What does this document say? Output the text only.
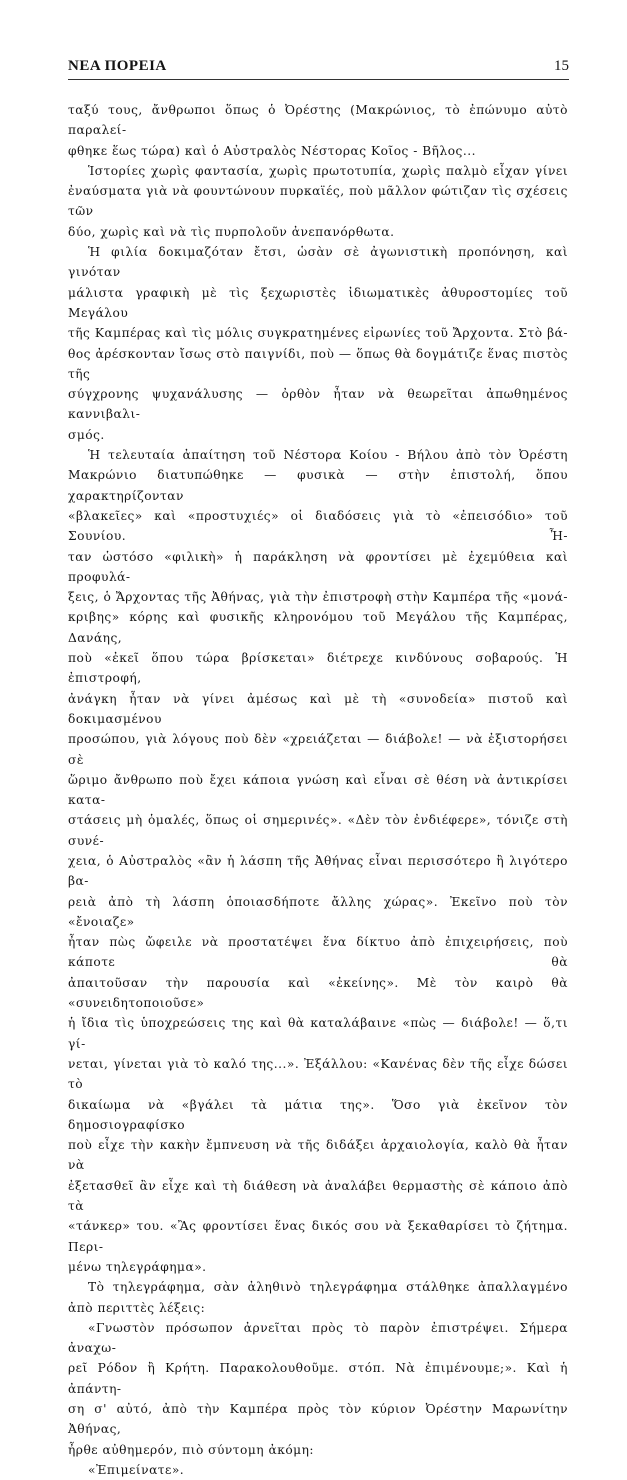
ΝΕΑ ΠΟΡΕΙΑ	15

ταξύ τους, ἄνθρωποι ὅπως ὁ Ὀρέστης (Μακρώνιος, τὸ ἐπώνυμο αὐτὸ παραλεί-

φθηκε ἕως τώρα) καὶ ὁ Αὐστραλὸς Νέστορας Κοῖος - Βῆλος...

Ἱστορίες χωρὶς φαντασία, χωρὶς πρωτοτυπία, χωρὶς παλμὸ εἶχαν γίνει

ἐναύσματα γιὰ νὰ φουντώνουν πυρκαϊές, ποὺ μᾶλλον φώτιζαν τὶς σχέσεις τῶν

δύο, χωρὶς καὶ νὰ τὶς πυρπολοῦν ἀνεπανόρθωτα.

Ἡ φιλία δοκιμαζόταν ἔτσι, ὡσὰν σὲ ἀγωνιστικὴ προπόνηση, καὶ γινόταν

μάλιστα γραφικὴ μὲ τὶς ξεχωριστὲς ἰδιωματικὲς ἀθυροστομίες τοῦ Μεγάλου

τῆς Καμπέρας καὶ τὶς μόλις συγκρατημένες εἰρωνίες τοῦ Ἄρχοντα. Στὸ βά-

θος ἀρέσκονταν ἴσως στὸ παιγνίδι, ποὺ — ὅπως θὰ δογμάτιζε ἕνας πιστὸς τῆς

σύγχρονης ψυχανάλυσης — ὀρθὸν ἦταν νὰ θεωρεῖται ἀπωθημένος καννιβαλι-

σμός.

Ἡ τελευταία ἀπαίτηση τοῦ Νέστορα Κοίου - Βήλου ἀπὸ τὸν Ὀρέστη

Μακρώνιο διατυπώθηκε — φυσικὰ — στὴν ἐπιστολή, ὅπου χαρακτηρίζονταν

«βλακεῖες» καὶ «προστυχιές» οἱ διαδόσεις γιὰ τὸ «ἐπεισόδιο» τοῦ Σουνίου. Ἦ-

ταν ὡστόσο «φιλικὴ» ἡ παράκληση νὰ φροντίσει μὲ ἐχεμύθεια καὶ προφυλά-

ξεις, ὁ Ἄρχοντας τῆς Ἀθήνας, γιὰ τὴν ἐπιστροφὴ στὴν Καμπέρα τῆς «μονά-

κριβης» κόρης καὶ φυσικῆς κληρονόμου τοῦ Μεγάλου τῆς Καμπέρας, Δανάης,

ποὺ «ἐκεῖ ὅπου τώρα βρίσκεται» διέτρεχε κινδύνους σοβαρούς. Ἡ ἐπιστροφή,

ἀνάγκη ἦταν νὰ γίνει ἀμέσως καὶ μὲ τὴ «συνοδεία» πιστοῦ καὶ δοκιμασμένου

προσώπου, γιὰ λόγους ποὺ δὲν «χρειάζεται — διάβολε! — νὰ ἐξιστορήσει σὲ

ὥριμο ἄνθρωπο ποὺ ἔχει κάποια γνώση καὶ εἶναι σὲ θέση νὰ ἀντικρίσει κατα-

στάσεις μὴ ὁμαλές, ὅπως οἱ σημερινές». «Δὲν τὸν ἐνδιέφερε», τόνιζε στὴ συνέ-

χεια, ὁ Αὐστραλὸς «ἂν ἡ λάσπη τῆς Ἀθήνας εἶναι περισσότερο ἢ λιγότερο βα-

ρειὰ ἀπὸ τὴ λάσπη ὁποιασδήποτε ἄλλης χώρας». Ἐκεῖνο ποὺ τὸν «ἔνοιαζε»

ἦταν πὼς ὤφειλε νὰ προστατέψει ἕνα δίκτυο ἀπὸ ἐπιχειρήσεις, ποὺ κάποτε θὰ

ἀπαιτοῦσαν τὴν παρουσία καὶ «ἐκείνης». Μὲ τὸν καιρὸ θὰ «συνειδητοποιοῦσε»

ἡ ἴδια τὶς ὑποχρεώσεις της καὶ θὰ καταλάβαινε «πὼς — διάβολε! — ὅ,τι γί-

νεται, γίνεται γιὰ τὸ καλό της...». Ἐξάλλου: «Κανένας δὲν τῆς εἶχε δώσει τὸ

δικαίωμα νὰ «βγάλει τὰ μάτια της». Ὅσο γιὰ ἐκεῖνον τὸν δημοσιογραφίσκο

ποὺ εἶχε τὴν κακὴν ἔμπνευση νὰ τῆς διδάξει ἀρχαιολογία, καλὸ θὰ ἦταν νὰ

ἐξετασθεῖ ἂν εἶχε καὶ τὴ διάθεση νὰ ἀναλάβει θερμαστὴς σὲ κάποιο ἀπὸ τὰ

«τάνκερ» του. «Ἂς φροντίσει ἕνας δικός σου νὰ ξεκαθαρίσει τὸ ζήτημα. Περι-

μένω τηλεγράφημα».

Τὸ τηλεγράφημα, σὰν ἀληθινὸ τηλεγράφημα στάλθηκε ἀπαλλαγμένο

ἀπὸ περιττὲς λέξεις:

«Γνωστὸν πρόσωπον ἀρνεῖται πρὸς τὸ παρὸν ἐπιστρέψει. Σήμερα ἀναχω-

ρεῖ Ρόδον ἢ Κρήτη. Παρακολουθοῦμε. στόπ. Νὰ ἐπιμένουμε;». Καὶ ἡ ἀπάντη-

ση σ' αὐτό, ἀπὸ τὴν Καμπέρα πρὸς τὸν κύριον Ὀρέστην Μαρωνίτην Ἀθήνας,

ἦρθε αὐθημερόν, πιὸ σύντομη ἀκόμη:

«Ἐπιμείνατε».
